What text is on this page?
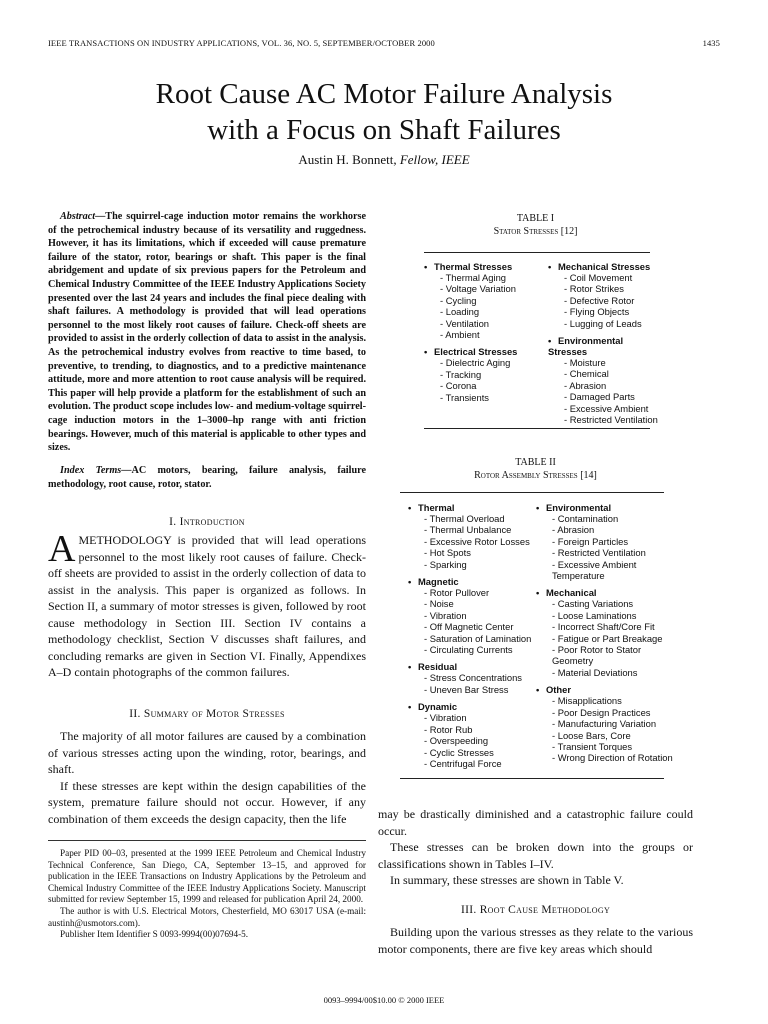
IEEE TRANSACTIONS ON INDUSTRY APPLICATIONS, VOL. 36, NO. 5, SEPTEMBER/OCTOBER 2000	1435
Root Cause AC Motor Failure Analysis
with a Focus on Shaft Failures
Austin H. Bonnett, Fellow, IEEE
Abstract—The squirrel-cage induction motor remains the workhorse of the petrochemical industry because of its versatility and ruggedness. However, it has its limitations, which if exceeded will cause premature failure of the stator, rotor, bearings or shaft. This paper is the final abridgement and update of six previous papers for the Petroleum and Chemical Industry Committee of the IEEE Industry Applications Society presented over the last 24 years and includes the final piece dealing with shaft failures. A methodology is provided that will lead operations personnel to the most likely root causes of failure. Check-off sheets are provided to assist in the orderly collection of data to assist in the analysis. As the petrochemical industry evolves from reactive to time based, to preventive, to trending, to diagnostics, and to a predictive maintenance attitude, more and more attention to root cause analysis will be required. This paper will help provide a platform for the establishment of such an evolution. The product scope includes low- and medium-voltage squirrel-cage induction motors in the 1–3000–hp range with anti friction bearings. However, much of this material is applicable to other types and sizes.
Index Terms—AC motors, bearing, failure analysis, failure methodology, root cause, rotor, stator.
I. Introduction

AMETHODOLOGY is provided that will lead operations personnel to the most likely root causes of failure. Check-off sheets are provided to assist in the orderly collection of data to assist in the analysis. This paper is organized as follows. In Section II, a summary of motor stresses is given, followed by root cause methodology in Section III. Section IV contains a methodology checklist, Section V discusses shaft failures, and concluding remarks are given in Section VI. Finally, Appendixes A–D contain photographs of the common failures.

II. Summary of Motor Stresses

The majority of all motor failures are caused by a combination of various stresses acting upon the winding, rotor, bearings, and shaft.

If these stresses are kept within the design capabilities of the system, premature failure should not occur. However, if any combination of them exceeds the design capacity, then the life

Paper PID 00–03, presented at the 1999 IEEE Petroleum and Chemical Industry Technical Conference, San Diego, CA, September 13–15, and approved for publication in the IEEE Transactions on Industry Applications by the Petroleum and Chemical Industry Committee of the IEEE Industry Applications Society. Manuscript submitted for review September 15, 1999 and released for publication April 24, 2000.

The author is with U.S. Electrical Motors, Chesterfield, MO 63017 USA (e-mail: austinh@usmotors.com).

Publisher Item Identifier S 0093-9994(00)07694-5.

TABLE I
Stator Stresses [12]
• Thermal Stresses
- Thermal Aging
- Voltage Variation
- Cycling
- Loading
- Ventilation
- Ambient
• Electrical Stresses
- Dielectric Aging
- Tracking
- Corona
- Transients
• Mechanical Stresses
- Coil Movement
- Rotor Strikes
- Defective Rotor
- Flying Objects
- Lugging of Leads
• Environmental Stresses
- Moisture
- Chemical
- Abrasion
- Damaged Parts
- Excessive Ambient
- Restricted Ventilation
TABLE II
Rotor Assembly Stresses [14]
• Thermal
- Thermal Overload
- Thermal Unbalance
- Excessive Rotor Losses
- Hot Spots
- Sparking
• Magnetic
- Rotor Pullover
- Noise
- Vibration
- Off Magnetic Center
- Saturation of Lamination
- Circulating Currents
• Residual
- Stress Concentrations
- Uneven Bar Stress
• Dynamic
- Vibration
- Rotor Rub
- Overspeeding
- Cyclic Stresses
- Centrifugal Force
• Environmental
- Contamination
- Abrasion
- Foreign Particles
- Restricted Ventilation
- Excessive Ambient Temperature
• Mechanical
- Casting Variations
- Loose Laminations
- Incorrect Shaft/Core Fit
- Fatigue or Part Breakage
- Poor Rotor to Stator Geometry
- Material Deviations
• Other
- Misapplications
- Poor Design Practices
- Manufacturing Variation
- Loose Bars, Core
- Transient Torques
- Wrong Direction of Rotation

may be drastically diminished and a catastrophic failure could occur.

These stresses can be broken down into the groups or classifications shown in Tables I–IV.

In summary, these stresses are shown in Table V.

III. Root Cause Methodology

Building upon the various stresses as they relate to the various motor components, there are five key areas which should

0093–9994/00$10.00 © 2000 IEEE
